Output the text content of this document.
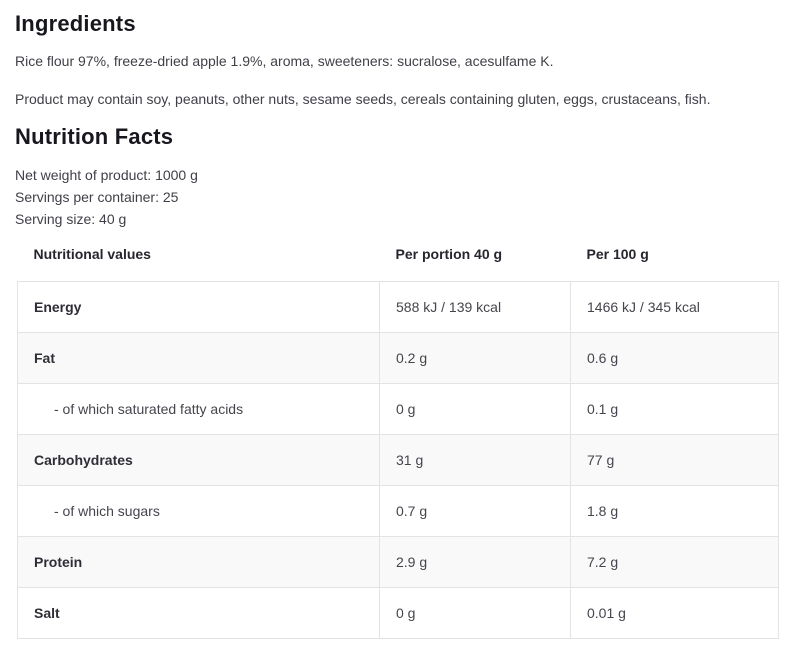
Ingredients

Rice flour 97%, freeze-dried apple 1.9%, aroma, sweeteners: sucralose, acesulfame K.

Product may contain soy, peanuts, other nuts, sesame seeds, cereals containing gluten, eggs, crustaceans, fish.

Nutrition Facts

Net weight of product: 1000 g

Servings per container: 25

Serving size: 40 g

Nutritional values	Per portion 40 g	Per 100 g
Energy	588 kJ / 139 kcal	1466 kJ / 345 kcal
Fat	0.2 g	0.6 g
- of which saturated fatty acids	0 g	0.1 g
Carbohydrates	31 g	77 g
- of which sugars	0.7 g	1.8 g
Protein	2.9 g	7.2 g
Salt	0 g	0.01 g
